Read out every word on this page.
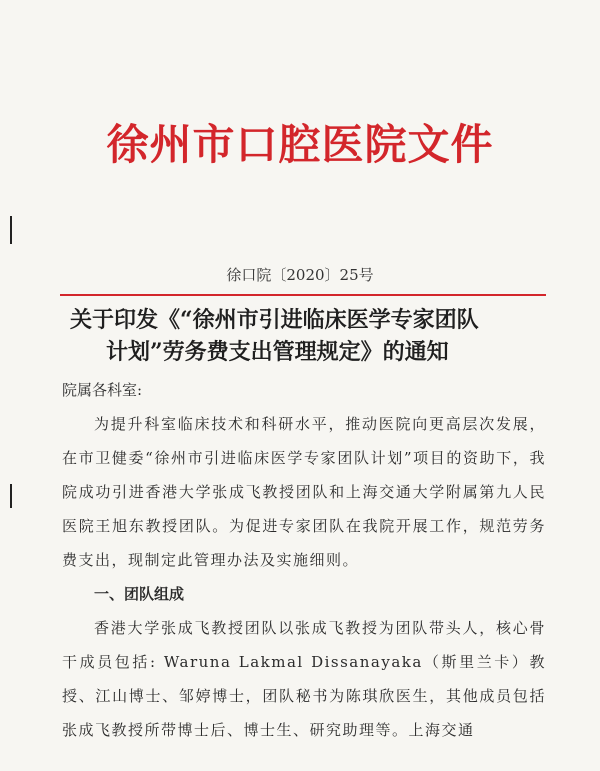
徐州市口腔医院文件
徐口院〔2020〕25号
关于印发《“徐州市引进临床医学专家团队
计划”劳务费支出管理规定》的通知

院属各科室:

为提升科室临床技术和科研水平，推动医院向更高层次发展，在市卫健委“徐州市引进临床医学专家团队计划”项目的资助下，我院成功引进香港大学张成飞教授团队和上海交通大学附属第九人民医院王旭东教授团队。为促进专家团队在我院开展工作，规范劳务费支出，现制定此管理办法及实施细则。

一、团队组成

香港大学张成飞教授团队以张成飞教授为团队带头人，核心骨干成员包括: Waruna Lakmal Dissanayaka（斯里兰卡）教授、江山博士、邹婷博士，团队秘书为陈琪欣医生，其他成员包括张成飞教授所带博士后、博士生、研究助理等。上海交通
